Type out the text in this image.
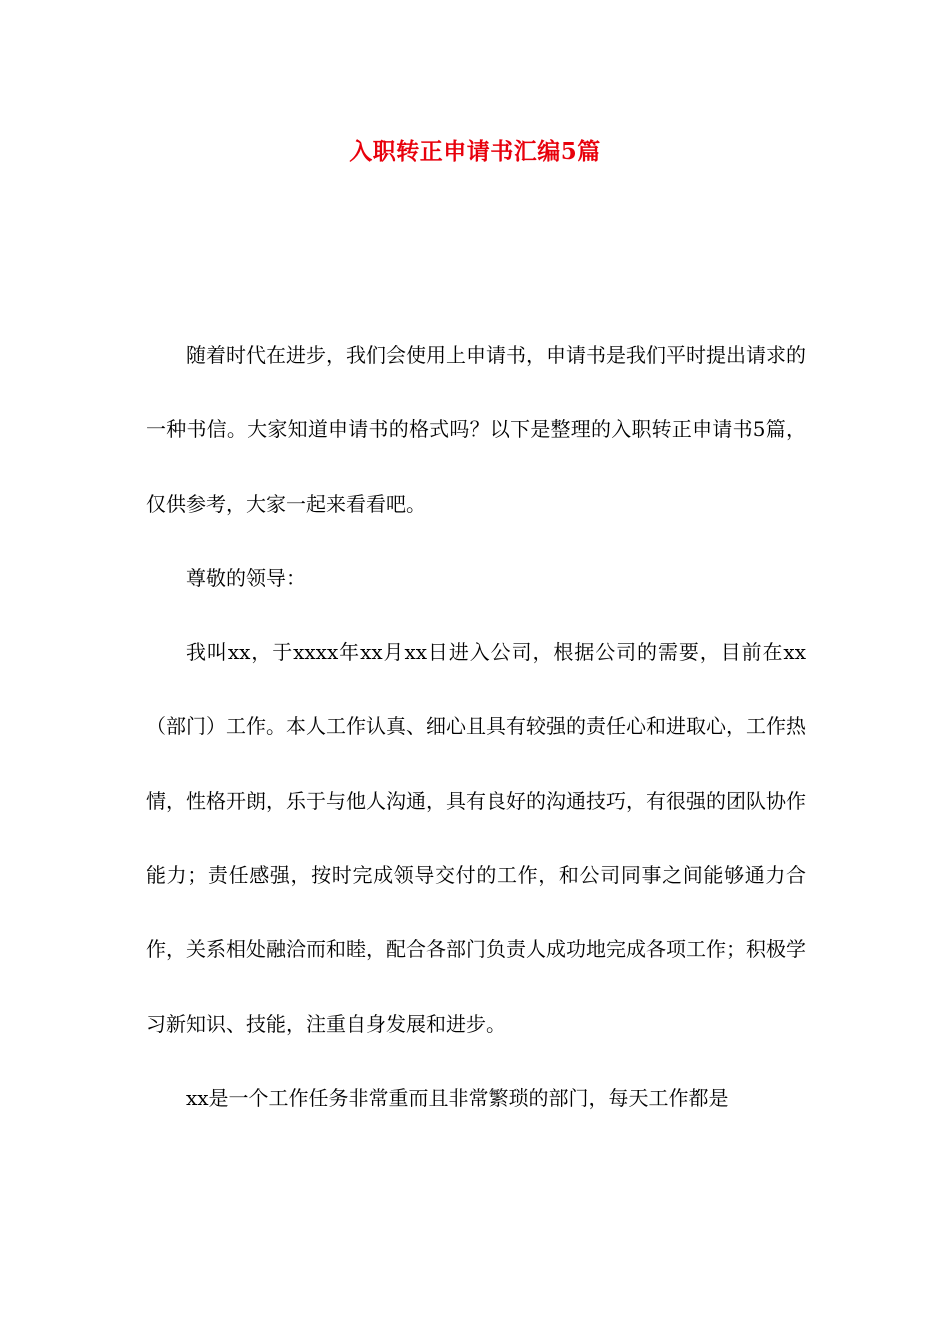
入职转正申请书汇编5篇

随着时代在进步，我们会使用上申请书，申请书是我们平时提出请求的一种书信。大家知道申请书的格式吗？以下是整理的入职转正申请书5篇，仅供参考，大家一起来看看吧。

尊敬的领导：

我叫xx，于xxxx年xx月xx日进入公司，根据公司的需要，目前在xx（部门）工作。本人工作认真、细心且具有较强的责任心和进取心，工作热情，性格开朗，乐于与他人沟通，具有良好的沟通技巧，有很强的团队协作能力；责任感强，按时完成领导交付的工作，和公司同事之间能够通力合作，关系相处融洽而和睦，配合各部门负责人成功地完成各项工作；积极学习新知识、技能，注重自身发展和进步。

xx是一个工作任务非常重而且非常繁琐的部门，每天工作都是
